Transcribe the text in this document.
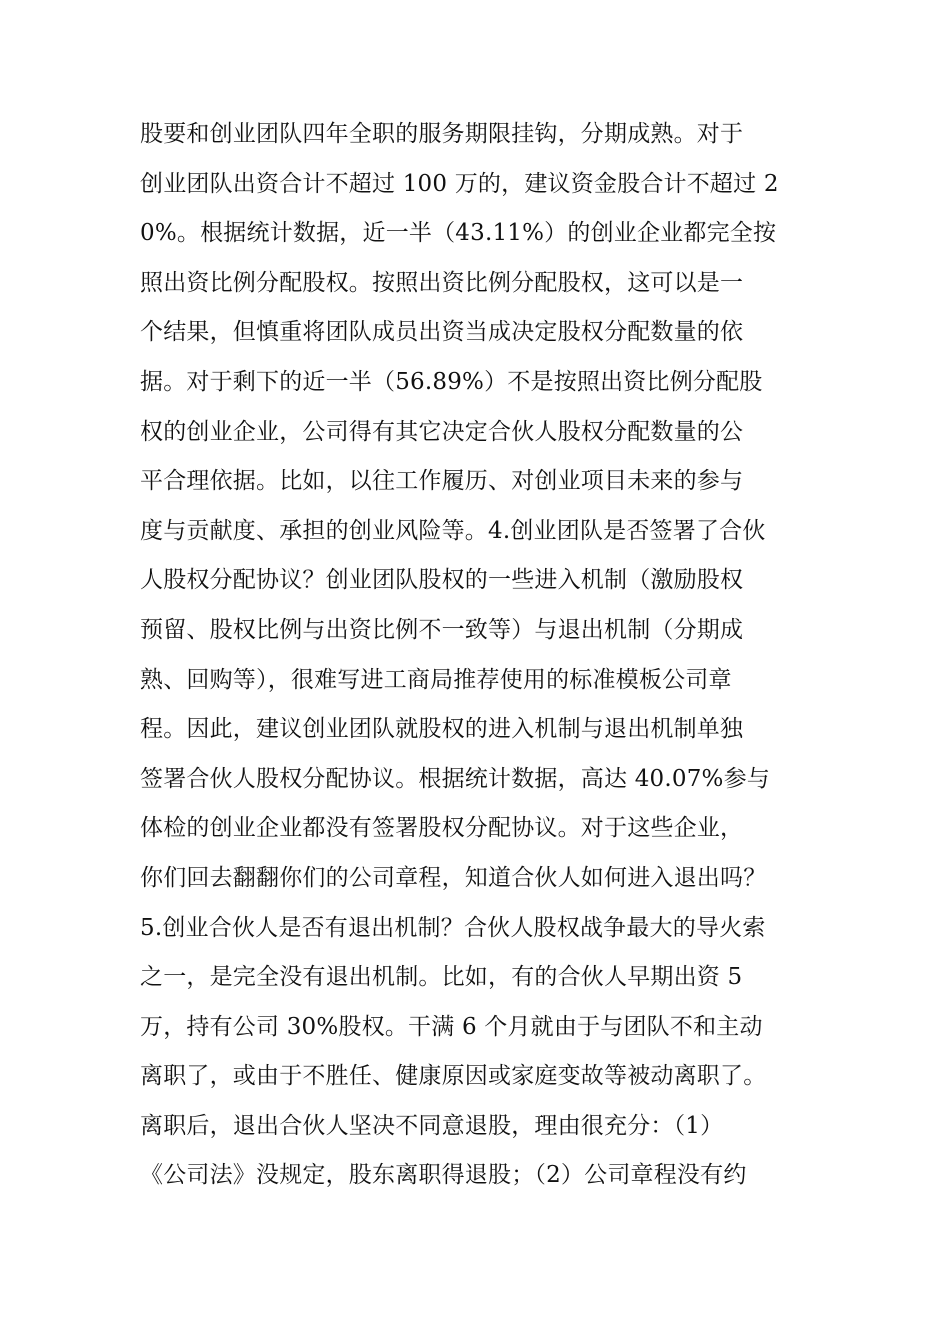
股要和创业团队四年全职的服务期限挂钩，分期成熟。对于
创业团队出资合计不超过 100 万的，建议资金股合计不超过 2
0%。根据统计数据，近一半（43.11%）的创业企业都完全按
照出资比例分配股权。按照出资比例分配股权，这可以是一
个结果，但慎重将团队成员出资当成决定股权分配数量的依
据。对于剩下的近一半（56.89%）不是按照出资比例分配股
权的创业企业，公司得有其它决定合伙人股权分配数量的公
平合理依据。比如，以往工作履历、对创业项目未来的参与
度与贡献度、承担的创业风险等。4.创业团队是否签署了合伙
人股权分配协议？创业团队股权的一些进入机制（激励股权
预留、股权比例与出资比例不一致等）与退出机制（分期成
熟、回购等），很难写进工商局推荐使用的标准模板公司章
程。因此，建议创业团队就股权的进入机制与退出机制单独
签署合伙人股权分配协议。根据统计数据，高达 40.07%参与
体检的创业企业都没有签署股权分配协议。对于这些企业，
你们回去翻翻你们的公司章程，知道合伙人如何进入退出吗？
5.创业合伙人是否有退出机制？合伙人股权战争最大的导火索
之一，是完全没有退出机制。比如，有的合伙人早期出资 5
万，持有公司 30%股权。干满 6 个月就由于与团队不和主动
离职了，或由于不胜任、健康原因或家庭变故等被动离职了。
离职后，退出合伙人坚决不同意退股，理由很充分：（1）
《公司法》没规定，股东离职得退股；（2）公司章程没有约
